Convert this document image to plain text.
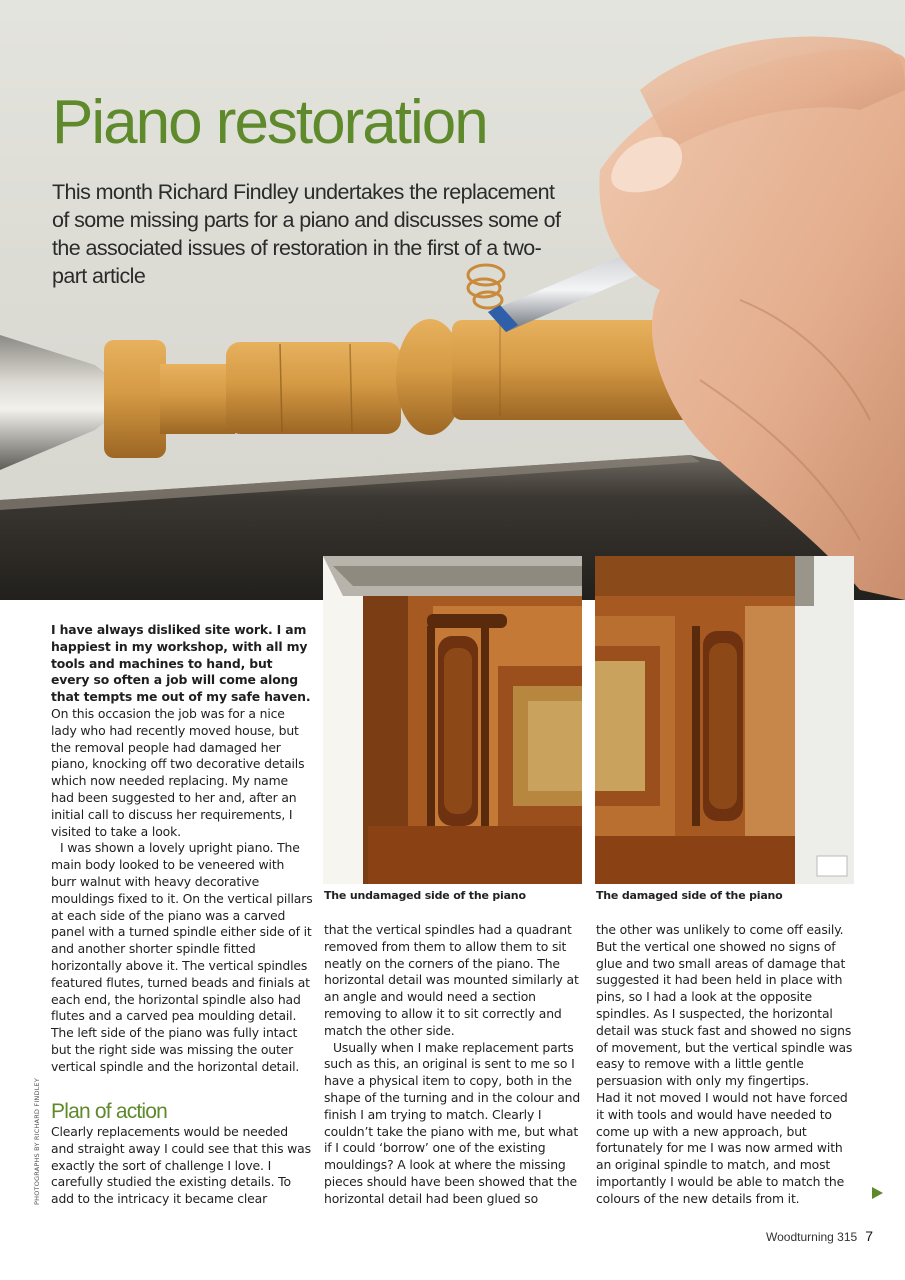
Piano restoration

This month Richard Findley undertakes the replacement of some missing parts for a piano and discusses some of the associated issues of restoration in the first of a two-part article

The undamaged side of the piano	The damaged side of the piano

I have always disliked site work. I am happiest in my workshop, with all my tools and machines to hand, but every so often a job will come along that tempts me out of my safe haven. On this occasion the job was for a nice lady who had recently moved house, but the removal people had damaged her piano, knocking off two decorative details which now needed replacing. My name had been suggested to her and, after an initial call to discuss her requirements, I visited to take a look.

I was shown a lovely upright piano. The main body looked to be veneered with burr walnut with heavy decorative mouldings fixed to it. On the vertical pillars at each side of the piano was a carved panel with a turned spindle either side of it and another shorter spindle fitted horizontally above it. The vertical spindles featured flutes, turned beads and finials at each end, the horizontal spindle also had flutes and a carved pea moulding detail. The left side of the piano was fully intact but the right side was missing the outer vertical spindle and the horizontal detail.

Plan of action

Clearly replacements would be needed and straight away I could see that this was exactly the sort of challenge I love. I carefully studied the existing details. To add to the intricacy it became clear

that the vertical spindles had a quadrant removed from them to allow them to sit neatly on the corners of the piano. The horizontal detail was mounted similarly at an angle and would need a section removing to allow it to sit correctly and match the other side.

Usually when I make replacement parts such as this, an original is sent to me so I have a physical item to copy, both in the shape of the turning and in the colour and finish I am trying to match. Clearly I couldn’t take the piano with me, but what if I could ‘borrow’ one of the existing mouldings? A look at where the missing pieces should have been showed that the horizontal detail had been glued so

the other was unlikely to come off easily. But the vertical one showed no signs of glue and two small areas of damage that suggested it had been held in place with pins, so I had a look at the opposite spindles. As I suspected, the horizontal detail was stuck fast and showed no signs of movement, but the vertical spindle was easy to remove with a little gentle persuasion with only my fingertips.

Had it not moved I would not have forced it with tools and would have needed to come up with a new approach, but fortunately for me I was now armed with an original spindle to match, and most importantly I would be able to match the colours of the new details from it.

PHOTOGRAPHS BY RICHARD FINDLEY
Woodturning 315 7
